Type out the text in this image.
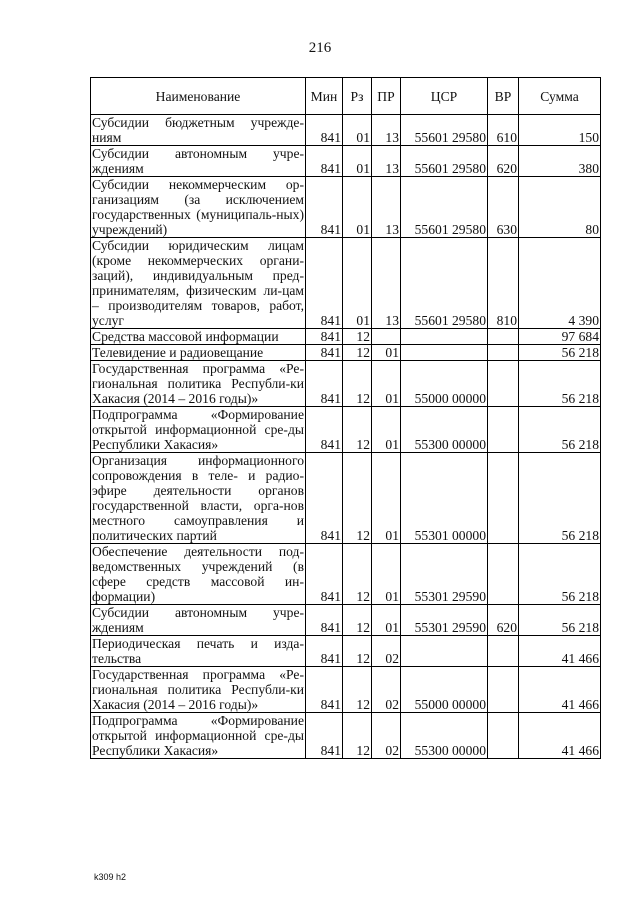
216
Наименование	Мин	Рз	ПР	ЦСР	ВР	Сумма
Субсидии бюджетным учрежде-ниям	841	01	13	55601 29580	610	150
Субсидии автономным учре-ждениям	841	01	13	55601 29580	620	380
Субсидии некоммерческим ор-ганизациям (за исключением государственных (муниципаль-ных) учреждений)	841	01	13	55601 29580	630	80
Субсидии юридическим лицам (кроме некоммерческих органи-заций), индивидуальным пред-принимателям, физическим ли-цам – производителям товаров, работ, услуг	841	01	13	55601 29580	810	4 390
Средства массовой информации	841	12				97 684
Телевидение и радиовещание	841	12	01			56 218
Государственная программа «Ре-гиональная политика Республи-ки Хакасия (2014 – 2016 годы)»	841	12	01	55000 00000		56 218
Подпрограмма «Формирование открытой информационной сре-ды Республики Хакасия»	841	12	01	55300 00000		56 218
Организация информационного сопровождения в теле- и радио-эфире деятельности органов государственной власти, орга-нов местного самоуправления и политических партий	841	12	01	55301 00000		56 218
Обеспечение деятельности под-ведомственных учреждений (в сфере средств массовой ин-формации)	841	12	01	55301 29590		56 218
Субсидии автономным учре-ждениям	841	12	01	55301 29590	620	56 218
Периодическая печать и изда-тельства	841	12	02			41 466
Государственная программа «Ре-гиональная политика Республи-ки Хакасия (2014 – 2016 годы)»	841	12	02	55000 00000		41 466
Подпрограмма «Формирование открытой информационной сре-ды Республики Хакасия»	841	12	02	55300 00000		41 466
k309 h2
